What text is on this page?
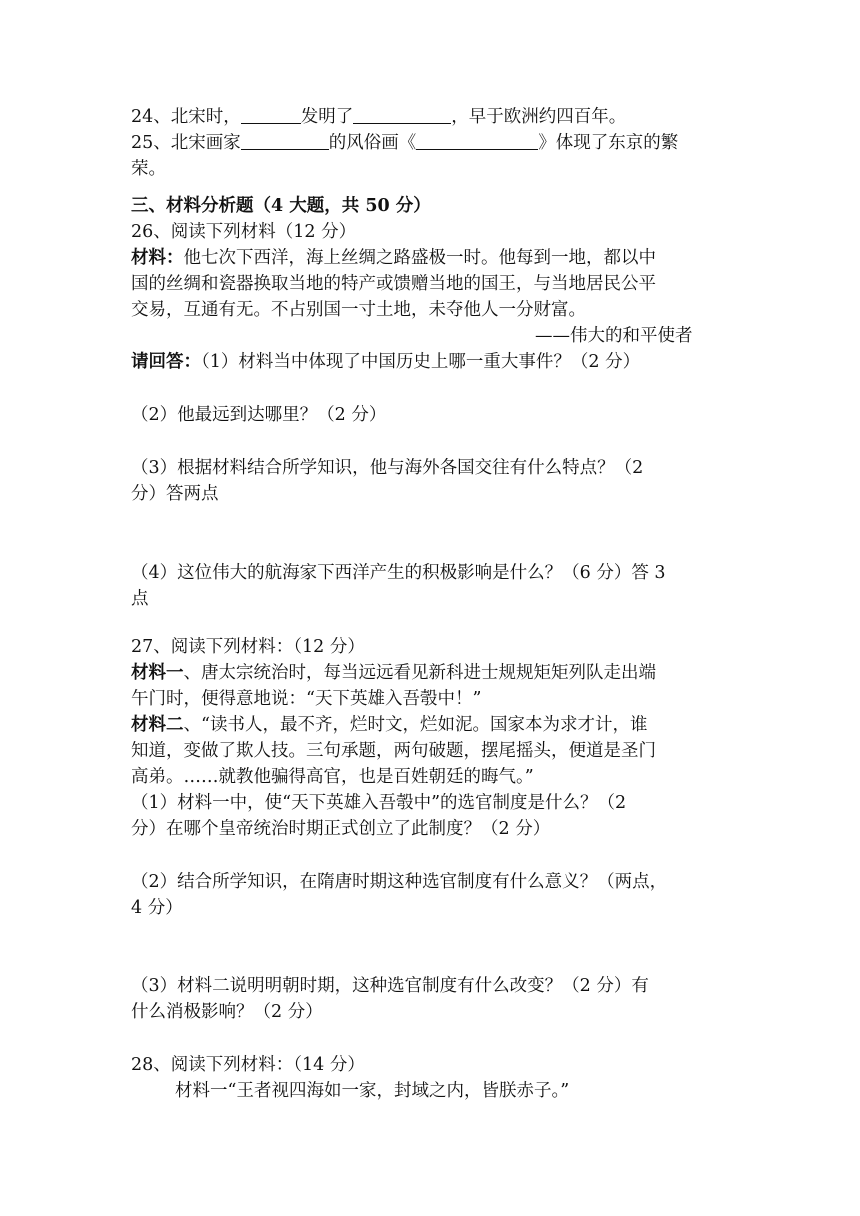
24、北宋时，	发明了	，早于欧洲约四百年。
25、北宋画家	的风俗画《	》体现了东京的繁
荣。
三、材料分析题（4 大题，共 50 分）
26、阅读下列材料（12 分）
材料：他七次下西洋，海上丝绸之路盛极一时。他每到一地，都以中
国的丝绸和瓷器换取当地的特产或馈赠当地的国王，与当地居民公平
交易，互通有无。不占别国一寸土地，未夺他人一分财富。
——伟大的和平使者
请回答：（1）材料当中体现了中国历史上哪一重大事件？（2 分）
（2）他最远到达哪里？（2 分）
（3）根据材料结合所学知识，他与海外各国交往有什么特点？（2
分）答两点
（4）这位伟大的航海家下西洋产生的积极影响是什么？（6 分）答 3
点
27、阅读下列材料：（12 分）
材料一、唐太宗统治时，每当远远看见新科进士规规矩矩列队走出端
午门时，便得意地说：“天下英雄入吾彀中！”
材料二、“读书人，最不齐，烂时文，烂如泥。国家本为求才计，谁
知道，变做了欺人技。三句承题，两句破题，摆尾摇头，便道是圣门
高弟。……就教他骗得高官，也是百姓朝廷的晦气。”
（1）材料一中，使“天下英雄入吾彀中”的选官制度是什么？（2
分）在哪个皇帝统治时期正式创立了此制度？（2 分）
（2）结合所学知识，在隋唐时期这种选官制度有什么意义？（两点，
4 分）
（3）材料二说明明朝时期，这种选官制度有什么改变？（2 分）有
什么消极影响？（2 分）
28、阅读下列材料：（14 分）
材料一“王者视四海如一家，封域之内，皆朕赤子。”
